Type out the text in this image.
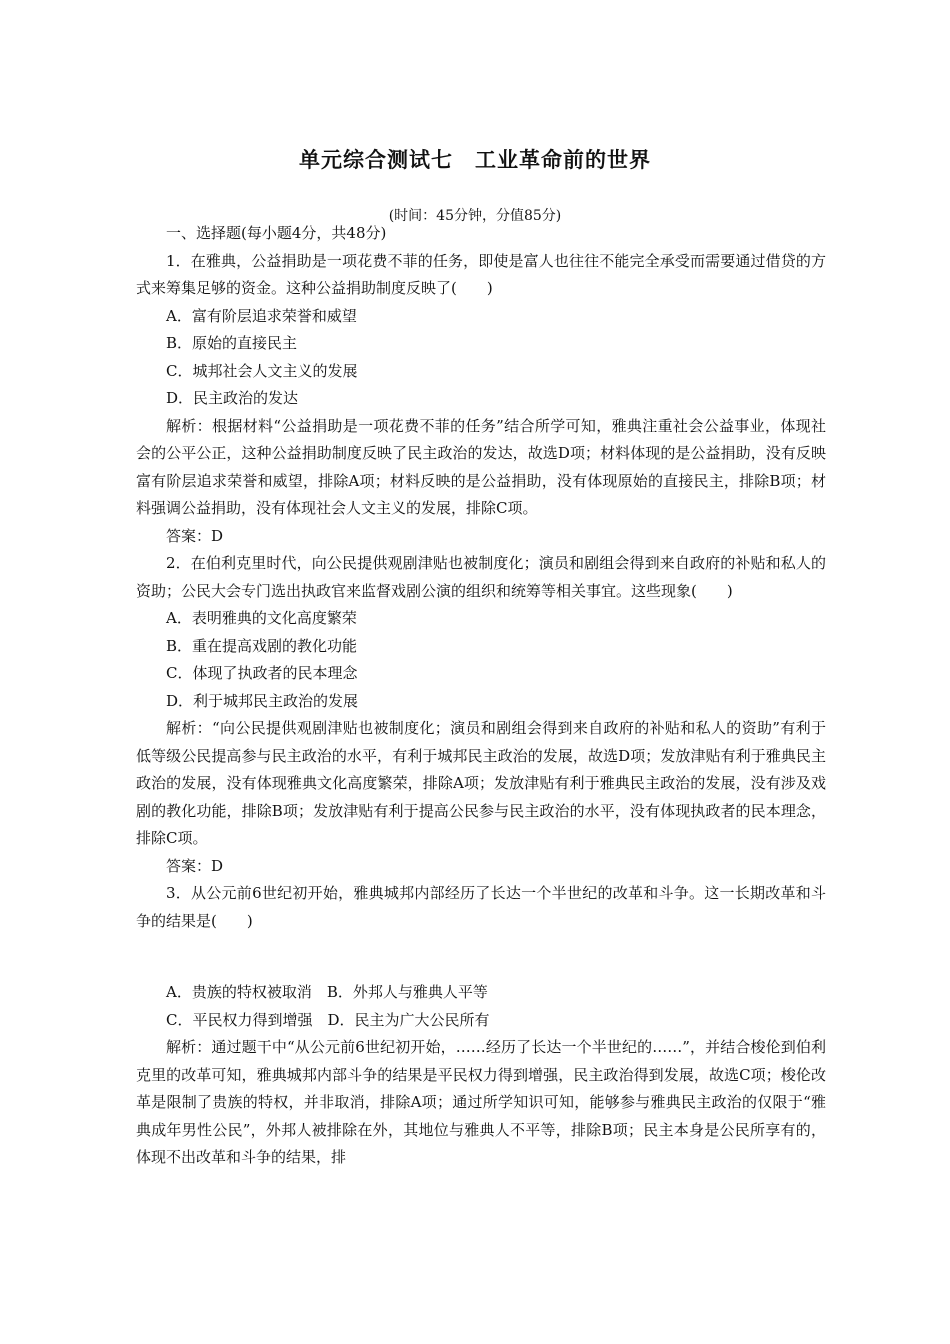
单元综合测试七　工业革命前的世界
(时间：45分钟，分值85分)

一、选择题(每小题4分，共48分)

1．在雅典，公益捐助是一项花费不菲的任务，即使是富人也往往不能完全承受而需要通过借贷的方式来筹集足够的资金。这种公益捐助制度反映了(　　)

A．富有阶层追求荣誉和威望

B．原始的直接民主

C．城邦社会人文主义的发展

D．民主政治的发达

解析：根据材料“公益捐助是一项花费不菲的任务”结合所学可知，雅典注重社会公益事业，体现社会的公平公正，这种公益捐助制度反映了民主政治的发达，故选D项；材料体现的是公益捐助，没有反映富有阶层追求荣誉和威望，排除A项；材料反映的是公益捐助，没有体现原始的直接民主，排除B项；材料强调公益捐助，没有体现社会人文主义的发展，排除C项。

答案：D

2．在伯利克里时代，向公民提供观剧津贴也被制度化；演员和剧组会得到来自政府的补贴和私人的资助；公民大会专门选出执政官来监督戏剧公演的组织和统筹等相关事宜。这些现象(　　)

A．表明雅典的文化高度繁荣

B．重在提高戏剧的教化功能

C．体现了执政者的民本理念

D．利于城邦民主政治的发展

解析：“向公民提供观剧津贴也被制度化；演员和剧组会得到来自政府的补贴和私人的资助”有利于低等级公民提高参与民主政治的水平，有利于城邦民主政治的发展，故选D项；发放津贴有利于雅典民主政治的发展，没有体现雅典文化高度繁荣，排除A项；发放津贴有利于雅典民主政治的发展，没有涉及戏剧的教化功能，排除B项；发放津贴有利于提高公民参与民主政治的水平，没有体现执政者的民本理念，排除C项。

答案：D

3．从公元前6世纪初开始，雅典城邦内部经历了长达一个半世纪的改革和斗争。这一长期改革和斗争的结果是(　　)

A．贵族的特权被取消　B．外邦人与雅典人平等

C．平民权力得到增强　D．民主为广大公民所有

解析：通过题干中“从公元前6世纪初开始，……经历了长达一个半世纪的……”，并结合梭伦到伯利克里的改革可知，雅典城邦内部斗争的结果是平民权力得到增强，民主政治得到发展，故选C项；梭伦改革是限制了贵族的特权，并非取消，排除A项；通过所学知识可知，能够参与雅典民主政治的仅限于“雅典成年男性公民”，外邦人被排除在外，其地位与雅典人不平等，排除B项；民主本身是公民所享有的，体现不出改革和斗争的结果，排
